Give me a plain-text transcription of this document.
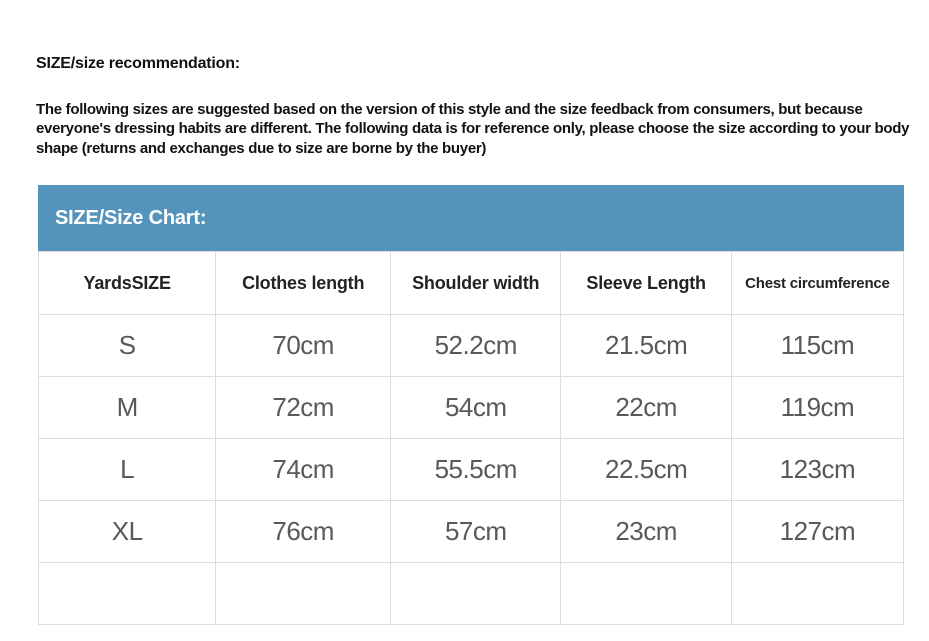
SIZE/size recommendation:
The following sizes are suggested based on the version of this style and the size feedback from consumers, but because everyone's dressing habits are different. The following data is for reference only, please choose the size according to your body shape (returns and exchanges due to size are borne by the buyer)
SIZE/Size Chart:
YardsSIZE	Clothes length	Shoulder width	Sleeve Length	Chest circumference
S	70cm	52.2cm	21.5cm	115cm
M	72cm	54cm	22cm	119cm
L	74cm	55.5cm	22.5cm	123cm
XL	76cm	57cm	23cm	127cm
